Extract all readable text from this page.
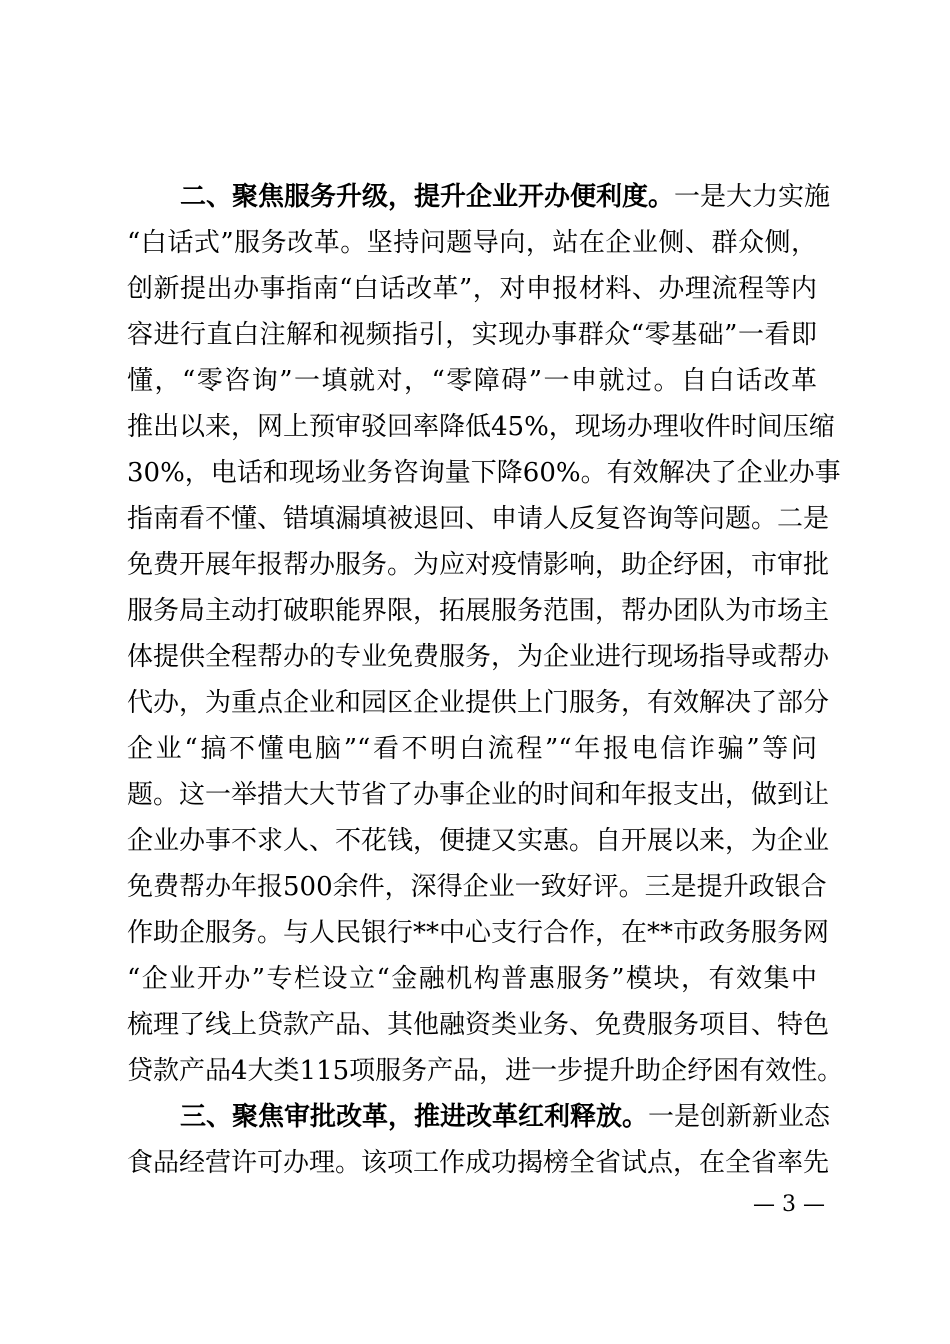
二、聚焦服务升级，提升企业开办便利度。一是大力实施
“白话式”服务改革。坚持问题导向，站在企业侧、群众侧，
创新提出办事指南“白话改革”，对申报材料、办理流程等内
容进行直白注解和视频指引，实现办事群众“零基础”一看即
懂，“零咨询”一填就对，“零障碍”一申就过。自白话改革
推出以来，网上预审驳回率降低45%，现场办理收件时间压缩
30%，电话和现场业务咨询量下降60%。有效解决了企业办事
指南看不懂、错填漏填被退回、申请人反复咨询等问题。二是
免费开展年报帮办服务。为应对疫情影响，助企纾困，市审批
服务局主动打破职能界限，拓展服务范围，帮办团队为市场主
体提供全程帮办的专业免费服务，为企业进行现场指导或帮办
代办，为重点企业和园区企业提供上门服务，有效解决了部分
企业“搞不懂电脑”“看不明白流程”“年报电信诈骗”等问
题。这一举措大大节省了办事企业的时间和年报支出，做到让
企业办事不求人、不花钱，便捷又实惠。自开展以来，为企业
免费帮办年报500余件，深得企业一致好评。三是提升政银合
作助企服务。与人民银行**中心支行合作，在**市政务服务网
“企业开办”专栏设立“金融机构普惠服务”模块，有效集中
梳理了线上贷款产品、其他融资类业务、免费服务项目、特色
贷款产品4大类115项服务产品，进一步提升助企纾困有效性。
三、聚焦审批改革，推进改革红利释放。一是创新新业态
食品经营许可办理。该项工作成功揭榜全省试点，在全省率先
— 3 —
